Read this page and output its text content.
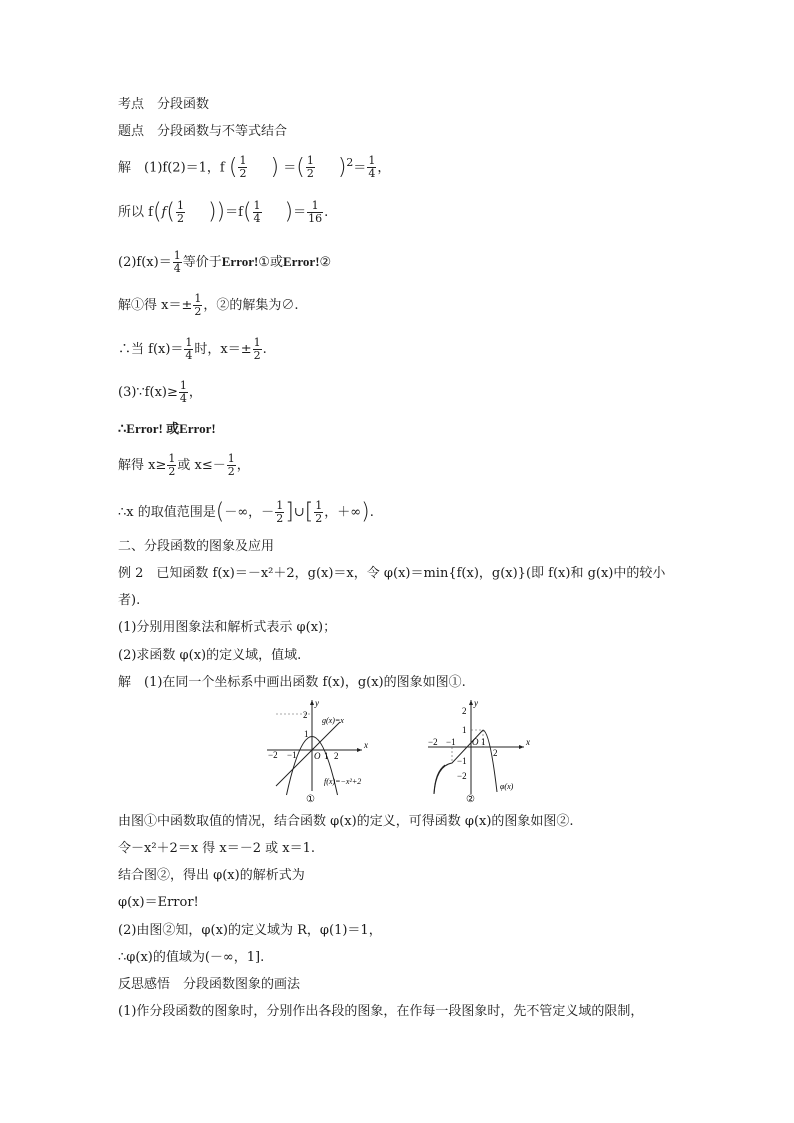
考点　分段函数
题点　分段函数与不等式结合
解　(1)f(2)＝1，f ( $\frac{1}{2}$ ) ＝( $\frac{1}{2} )^2= \frac{1}{4}$ ，
所以 $f(f( \frac{1}{2} ))=f( \frac{1}{4}$ )＝ $\frac{1}{16}$ .
$(2)f(x)= \frac{1}{4}$ 等价于Error!①或Error!②
解①得 $x=\pm \frac{1}{2}$ ，②的解集为∅.
∴当 $f(x)= \frac{1}{4}$ 时，$x=\pm \frac{1}{2}$ .
(3)∵f(x)≥ $\frac{1}{4}$ ，
∴Error! 或Error!
解得 $x\ge \frac{1}{2}$ 或 $x\le- \frac{1}{2}$ ，
∴x 的取值范围是(－∞，－ $\frac{1}{2}$ ]∪[ $\frac{1}{2}$ ，＋∞).
二、分段函数的图象及应用
例 2　已知函数 f(x)＝－x²＋2，g(x)＝x，令 φ(x)＝min{f(x)，g(x)}(即 f(x)和 g(x)中的较小
者).
(1)分别用图象法和解析式表示 φ(x)；
(2)求函数 φ(x)的定义域，值域.
解　(1)在同一个坐标系中画出函数 f(x)，g(x)的图象如图①.
y
x
2
1
−2 −1 O 1 2
g(x)=x
f(x)=−x²+2
①
y
x
2
1
−1
−2
−2 −1 O 1
2
φ(x)
②
由图①中函数取值的情况，结合函数 φ(x)的定义，可得函数 φ(x)的图象如图②.
令－x²＋2＝x 得 x＝－2 或 x＝1.
结合图②，得出 φ(x)的解析式为
φ(x)＝Error!
(2)由图②知，φ(x)的定义域为 R，φ(1)＝1，
∴φ(x)的值域为(－∞，1].
反思感悟　分段函数图象的画法
(1)作分段函数的图象时，分别作出各段的图象，在作每一段图象时，先不管定义域的限制，
